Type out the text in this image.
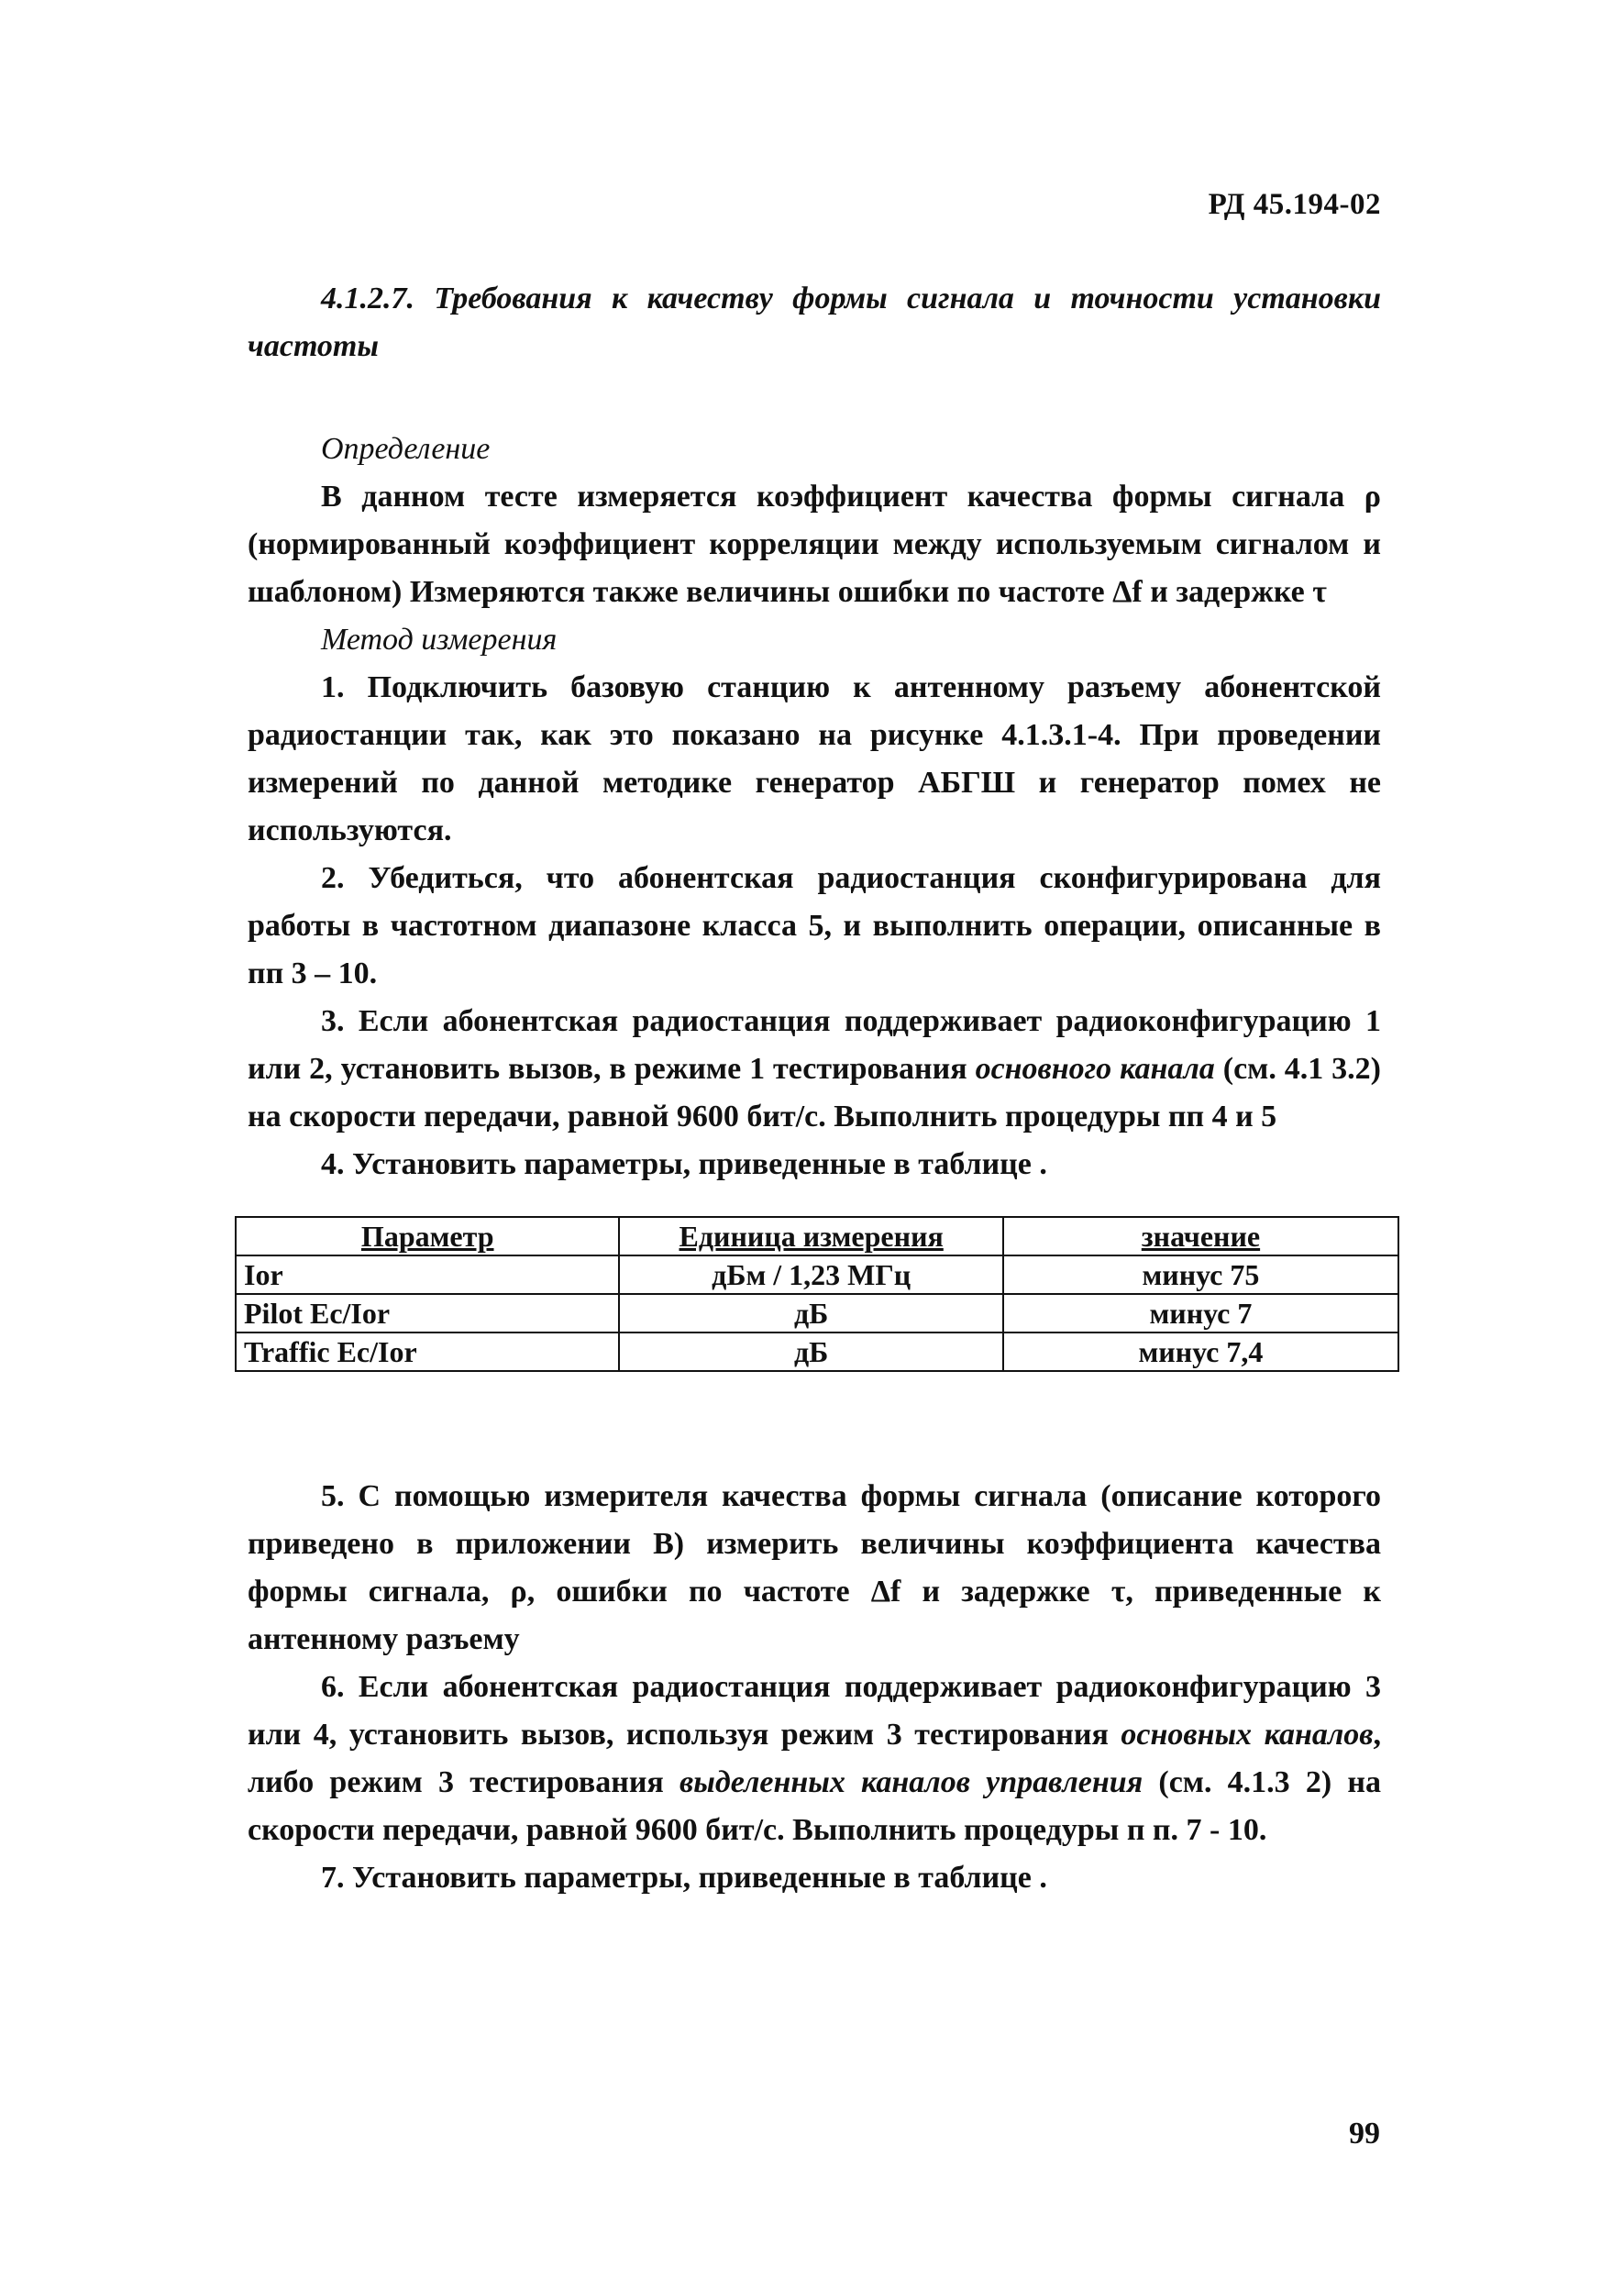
РД 45.194-02

4.1.2.7. Требования к качеству формы сигнала и точности установки частоты

Определение

В данном тесте измеряется коэффициент качества формы сигнала ρ (нормированный коэффициент корреляции между используемым сигналом и шаблоном) Измеряются также величины ошибки по частоте Δf и задержке τ

Метод измерения

1. Подключить базовую станцию к антенному разъему абонентской радиостанции так, как это показано на рисунке 4.1.3.1-4. При проведении измерений по данной методике генератор АБГШ и генератор помех не используются.

2. Убедиться, что абонентская радиостанция сконфигурирована для работы в частотном диапазоне класса 5, и выполнить операции, описанные в пп 3 – 10.

3. Если абонентская радиостанция поддерживает радиоконфигурацию 1 или 2, установить вызов, в режиме 1 тестирования основного канала (см. 4.1 3.2) на скорости передачи, равной 9600 бит/с. Выполнить процедуры пп 4 и 5

4. Установить параметры, приведенные в таблице .

Параметр	Единица измерения	значение
Ior	дБм / 1,23 МГц	минус 75
Pilot Ec/Ior	дБ	минус 7
Traffic Ec/Ior	дБ	минус 7,4

5. С помощью измерителя качества формы сигнала (описание которого приведено в приложении В) измерить величины коэффициента качества формы сигнала, ρ, ошибки по частоте Δf и задержке τ, приведенные к антенному разъему

6. Если абонентская радиостанция поддерживает радиоконфигурацию 3 или 4, установить вызов, используя режим 3 тестирования основных каналов, либо режим 3 тестирования выделенных каналов управления (см. 4.1.3 2) на скорости передачи, равной 9600 бит/с. Выполнить процедуры п п. 7 - 10.

7. Установить параметры, приведенные в таблице .

99
